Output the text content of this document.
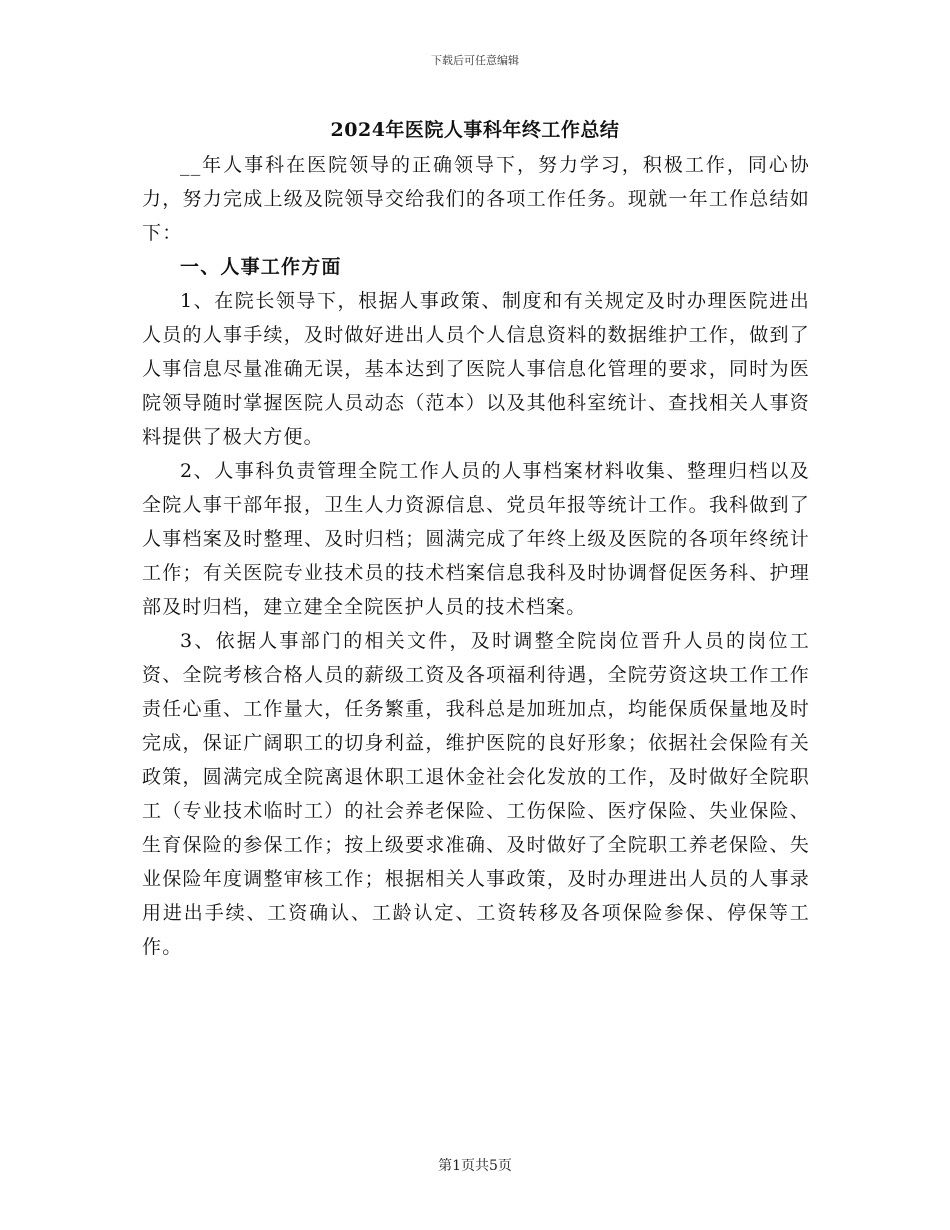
下载后可任意编辑
2024年医院人事科年终工作总结

__年人事科在医院领导的正确领导下，努力学习，积极工作，同心协力，努力完成上级及院领导交给我们的各项工作任务。现就一年工作总结如下：

一、人事工作方面

1、在院长领导下，根据人事政策、制度和有关规定及时办理医院进出人员的人事手续，及时做好进出人员个人信息资料的数据维护工作，做到了人事信息尽量准确无误，基本达到了医院人事信息化管理的要求，同时为医院领导随时掌握医院人员动态（范本）以及其他科室统计、查找相关人事资料提供了极大方便。

2、人事科负责管理全院工作人员的人事档案材料收集、整理归档以及全院人事干部年报，卫生人力资源信息、党员年报等统计工作。我科做到了人事档案及时整理、及时归档；圆满完成了年终上级及医院的各项年终统计工作；有关医院专业技术员的技术档案信息我科及时协调督促医务科、护理部及时归档，建立建全全院医护人员的技术档案。

3、依据人事部门的相关文件，及时调整全院岗位晋升人员的岗位工资、全院考核合格人员的薪级工资及各项福利待遇，全院劳资这块工作工作责任心重、工作量大，任务繁重，我科总是加班加点，均能保质保量地及时完成，保证广阔职工的切身利益，维护医院的良好形象；依据社会保险有关政策，圆满完成全院离退休职工退休金社会化发放的工作，及时做好全院职工（专业技术临时工）的社会养老保险、工伤保险、医疗保险、失业保险、生育保险的参保工作；按上级要求准确、及时做好了全院职工养老保险、失业保险年度调整审核工作；根据相关人事政策，及时办理进出人员的人事录用进出手续、工资确认、工龄认定、工资转移及各项保险参保、停保等工作。

第1页共5页
